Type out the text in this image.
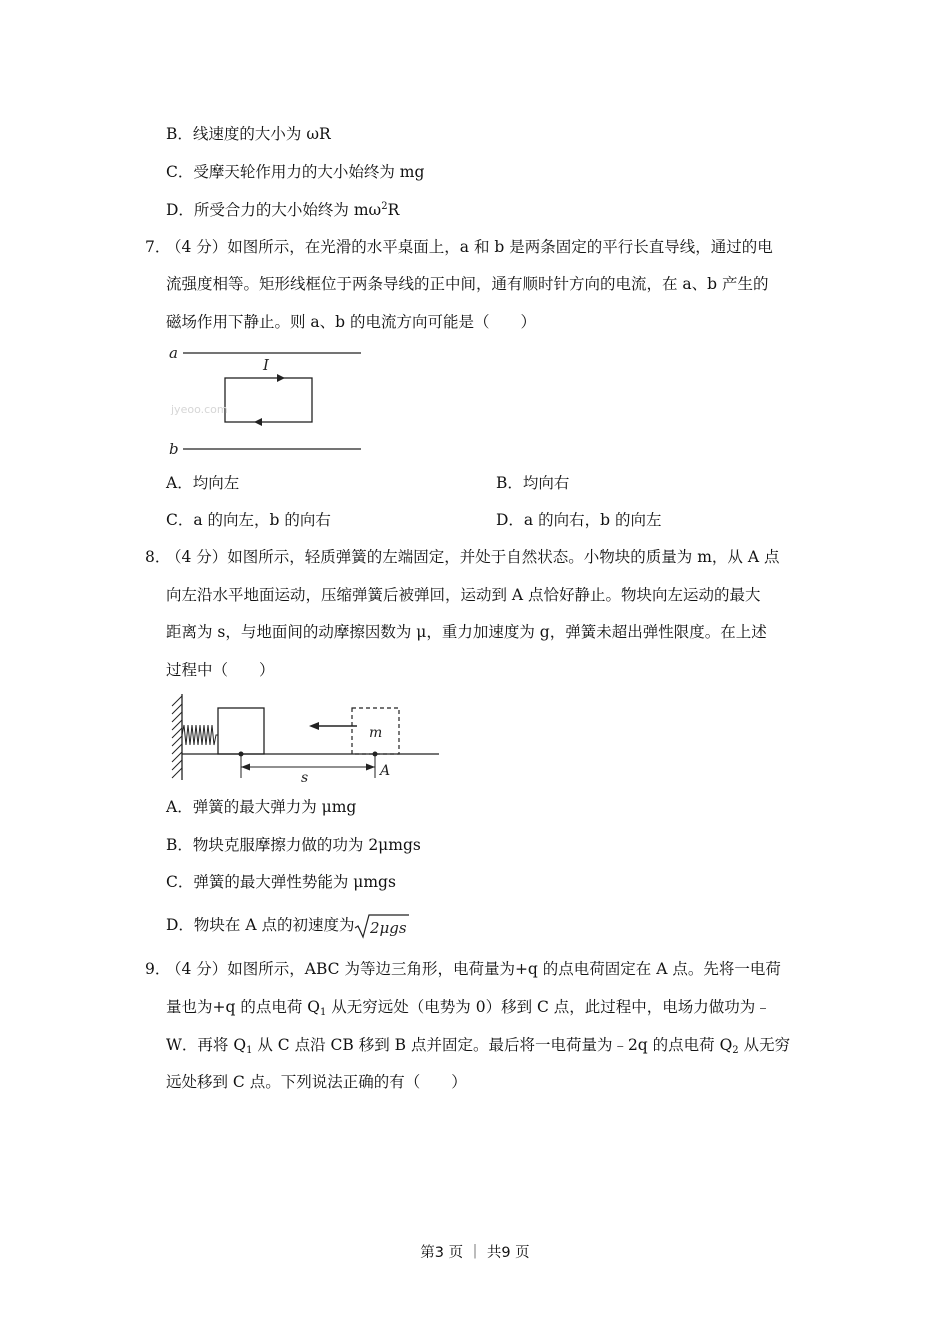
B．线速度的大小为 ωR
C．受摩天轮作用力的大小始终为 mg
D．所受合力的大小始终为 $m\omega^2R$
7．
（4 分）如图所示，在光滑的水平桌面上，a 和 b 是两条固定的平行长直导线，通过的电
流强度相等。矩形线框位于两条导线的正中间，通有顺时针方向的电流，在 a、b 产生的
磁场作用下静止。则 a、b 的电流方向可能是（　　）
a
I
jyeoo.com
b
A．均向左	B．均向右
C．a 的向左，b 的向右	D．a 的向右，b 的向左
8．
（4 分）如图所示，轻质弹簧的左端固定，并处于自然状态。小物块的质量为 m，从 A 点
向左沿水平地面运动，压缩弹簧后被弹回，运动到 A 点恰好静止。物块向左运动的最大
距离为 s，与地面间的动摩擦因数为 μ，重力加速度为 g，弹簧未超出弹性限度。在上述
过程中（　　）
m
s	A
A．弹簧的最大弹力为 μmg
B．物块克服摩擦力做的功为 2μmgs
C．弹簧的最大弹性势能为 μmgs
D．物块在 A 点的初速度为 2μgs
9．
（4 分）如图所示，ABC 为等边三角形，电荷量为+q 的点电荷固定在 A 点。先将一电荷
量也为+q 的点电荷 $Q_1$ 从无穷远处（电势为 0）移到 C 点，此过程中，电场力做功为﹣
W．再将 $Q_1$ 从 C 点沿 CB 移到 B 点并固定。最后将一电荷量为﹣2q 的点电荷 $Q_2$ 从无穷
远处移到 C 点。下列说法正确的有（　　）
第3 页 ｜ 共9 页
